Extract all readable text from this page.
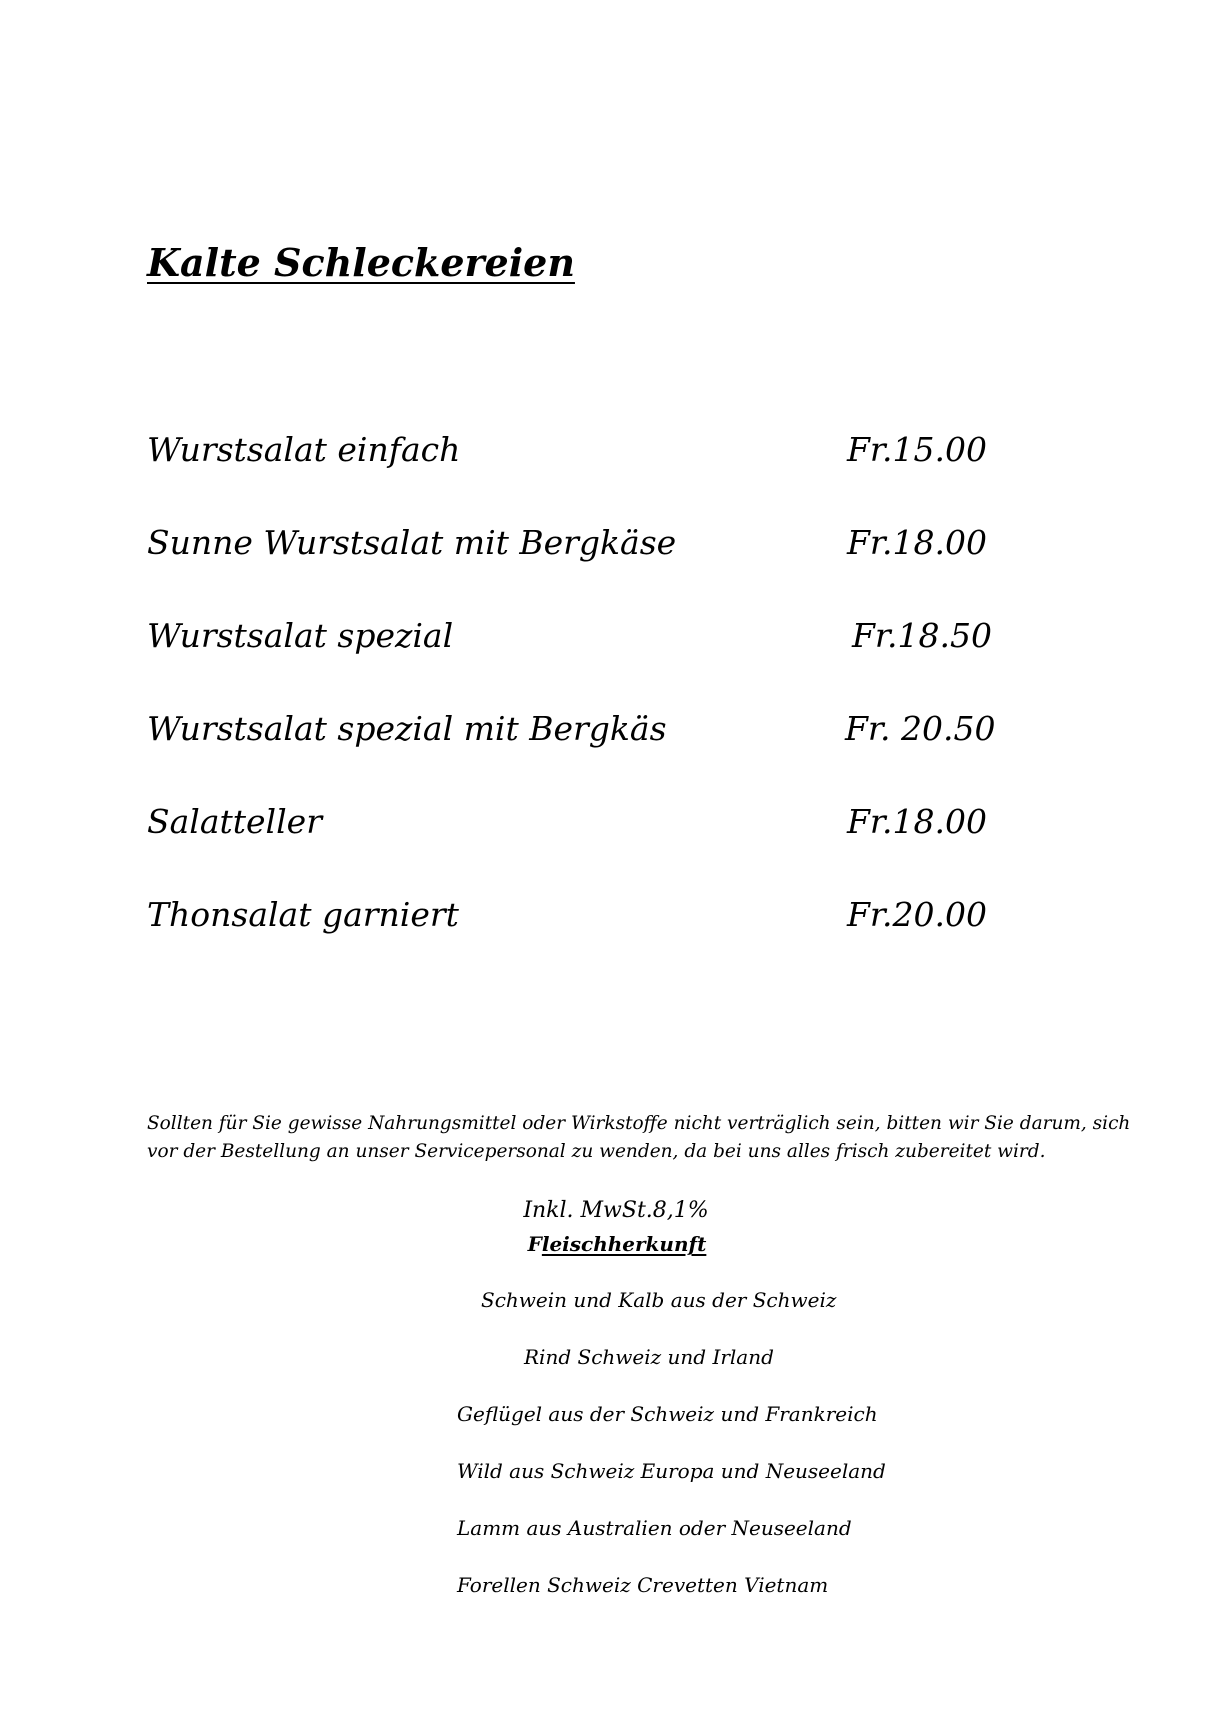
Kalte Schleckereien
Wurstsalat einfach	Fr.15.00
Sunne Wurstsalat mit Bergkäse	Fr.18.00
Wurstsalat spezial	Fr.18.50
Wurstsalat spezial mit Bergkäs	Fr. 20.50
Salatteller	Fr.18.00
Thonsalat garniert	Fr.20.00

Sollten für Sie gewisse Nahrungsmittel oder Wirkstoffe nicht verträglich sein, bitten wir Sie darum, sich

vor der Bestellung an unser Servicepersonal zu wenden, da bei uns alles frisch zubereitet wird.

Inkl. MwSt.8,1%
Fleischherkunft
Schwein und Kalb aus der Schweiz
Rind Schweiz und Irland
Geflügel aus der Schweiz und Frankreich
Wild aus Schweiz Europa und Neuseeland
Lamm aus Australien oder Neuseeland
Forellen Schweiz Crevetten Vietnam
